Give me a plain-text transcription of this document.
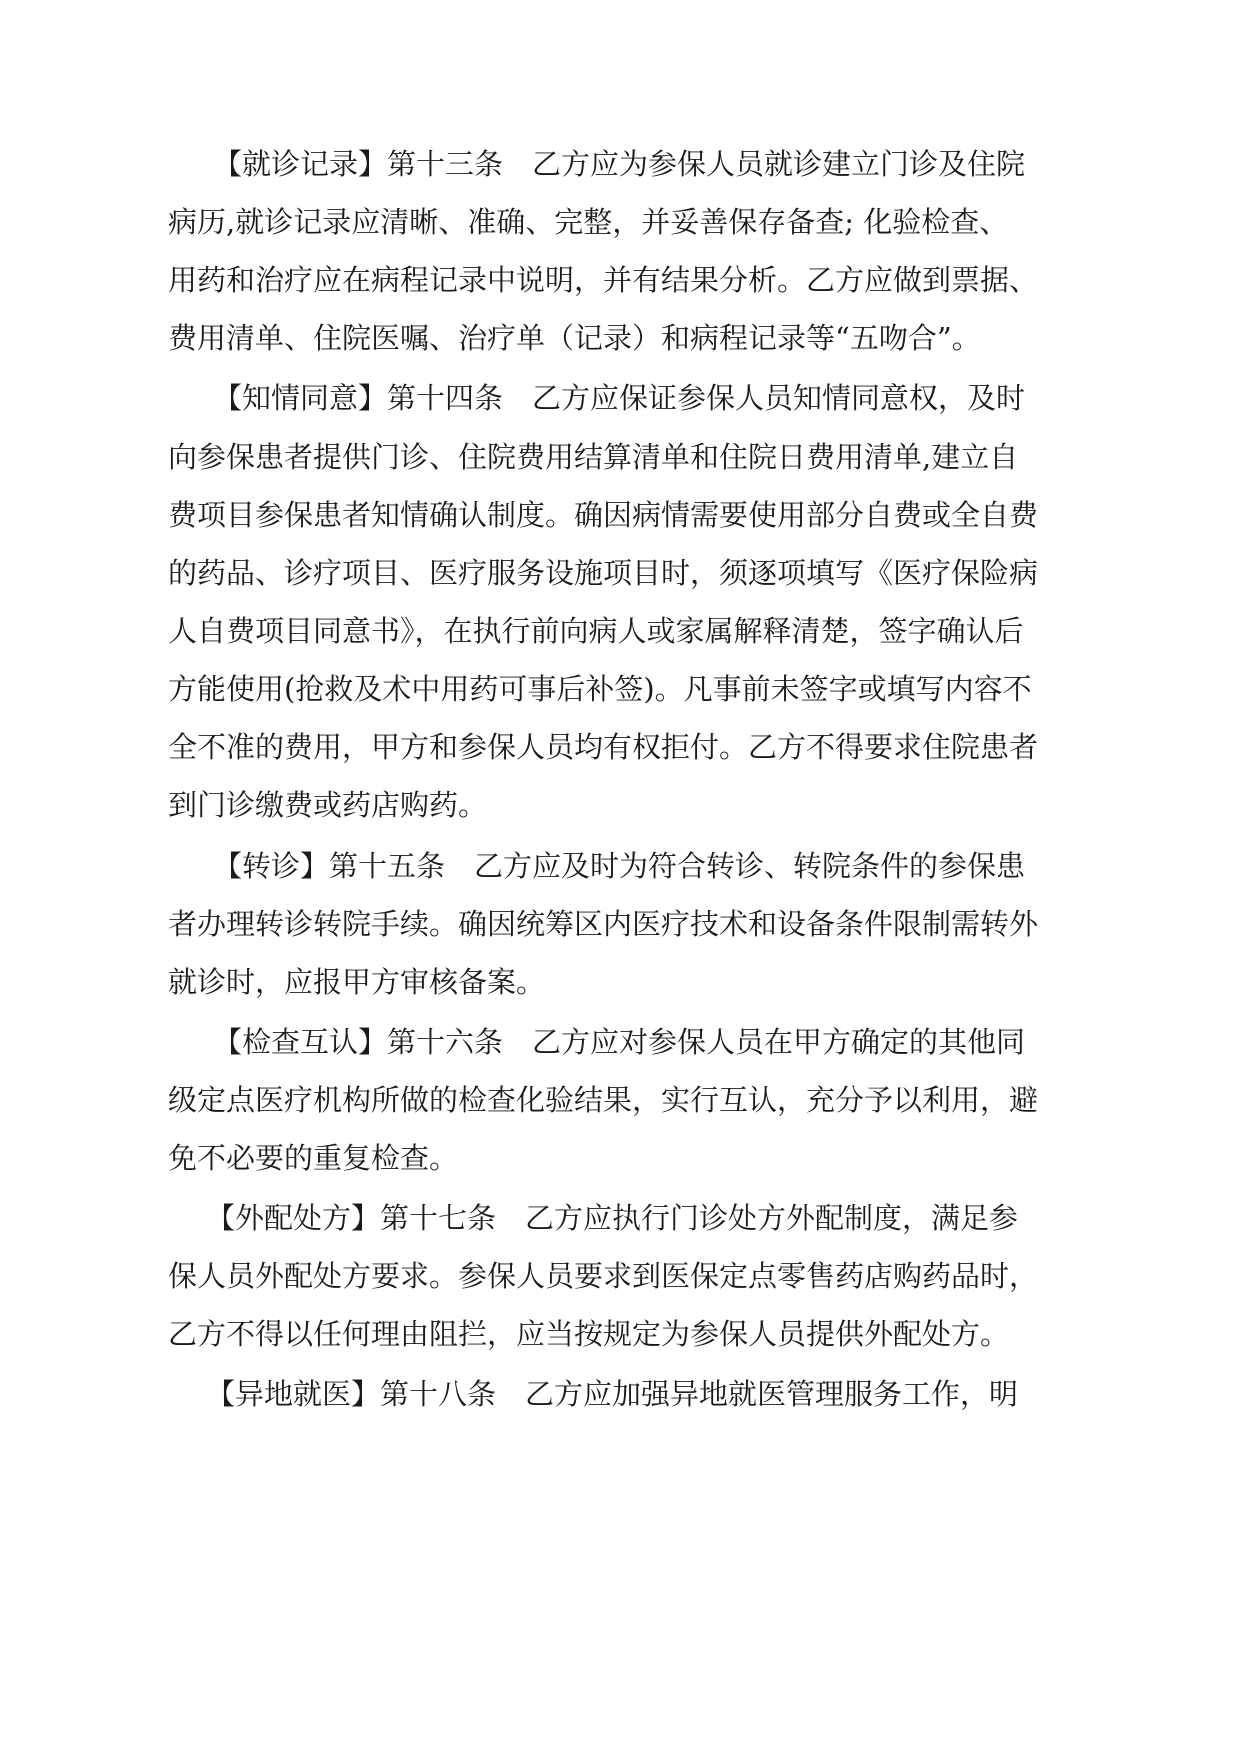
【就诊记录】第十三条 乙方应为参保人员就诊建立门诊及住院
病历,就诊记录应清晰、准确、完整，并妥善保存备查; 化验检查、
用药和治疗应在病程记录中说明，并有结果分析。乙方应做到票据、
费用清单、住院医嘱、治疗单（记录）和病程记录等“五吻合”。
【知情同意】第十四条 乙方应保证参保人员知情同意权，及时
向参保患者提供门诊、住院费用结算清单和住院日费用清单,建立自
费项目参保患者知情确认制度。确因病情需要使用部分自费或全自费
的药品、诊疗项目、医疗服务设施项目时，须逐项填写《医疗保险病
人自费项目同意书》，在执行前向病人或家属解释清楚，签字确认后
方能使用(抢救及术中用药可事后补签)。凡事前未签字或填写内容不
全不准的费用，甲方和参保人员均有权拒付。乙方不得要求住院患者
到门诊缴费或药店购药。
【转诊】第十五条 乙方应及时为符合转诊、转院条件的参保患
者办理转诊转院手续。确因统筹区内医疗技术和设备条件限制需转外
就诊时，应报甲方审核备案。
【检查互认】第十六条 乙方应对参保人员在甲方确定的其他同
级定点医疗机构所做的检查化验结果，实行互认，充分予以利用，避
免不必要的重复检查。
【外配处方】第十七条 乙方应执行门诊处方外配制度，满足参
保人员外配处方要求。参保人员要求到医保定点零售药店购药品时，
乙方不得以任何理由阻拦，应当按规定为参保人员提供外配处方。
【异地就医】第十八条 乙方应加强异地就医管理服务工作，明
